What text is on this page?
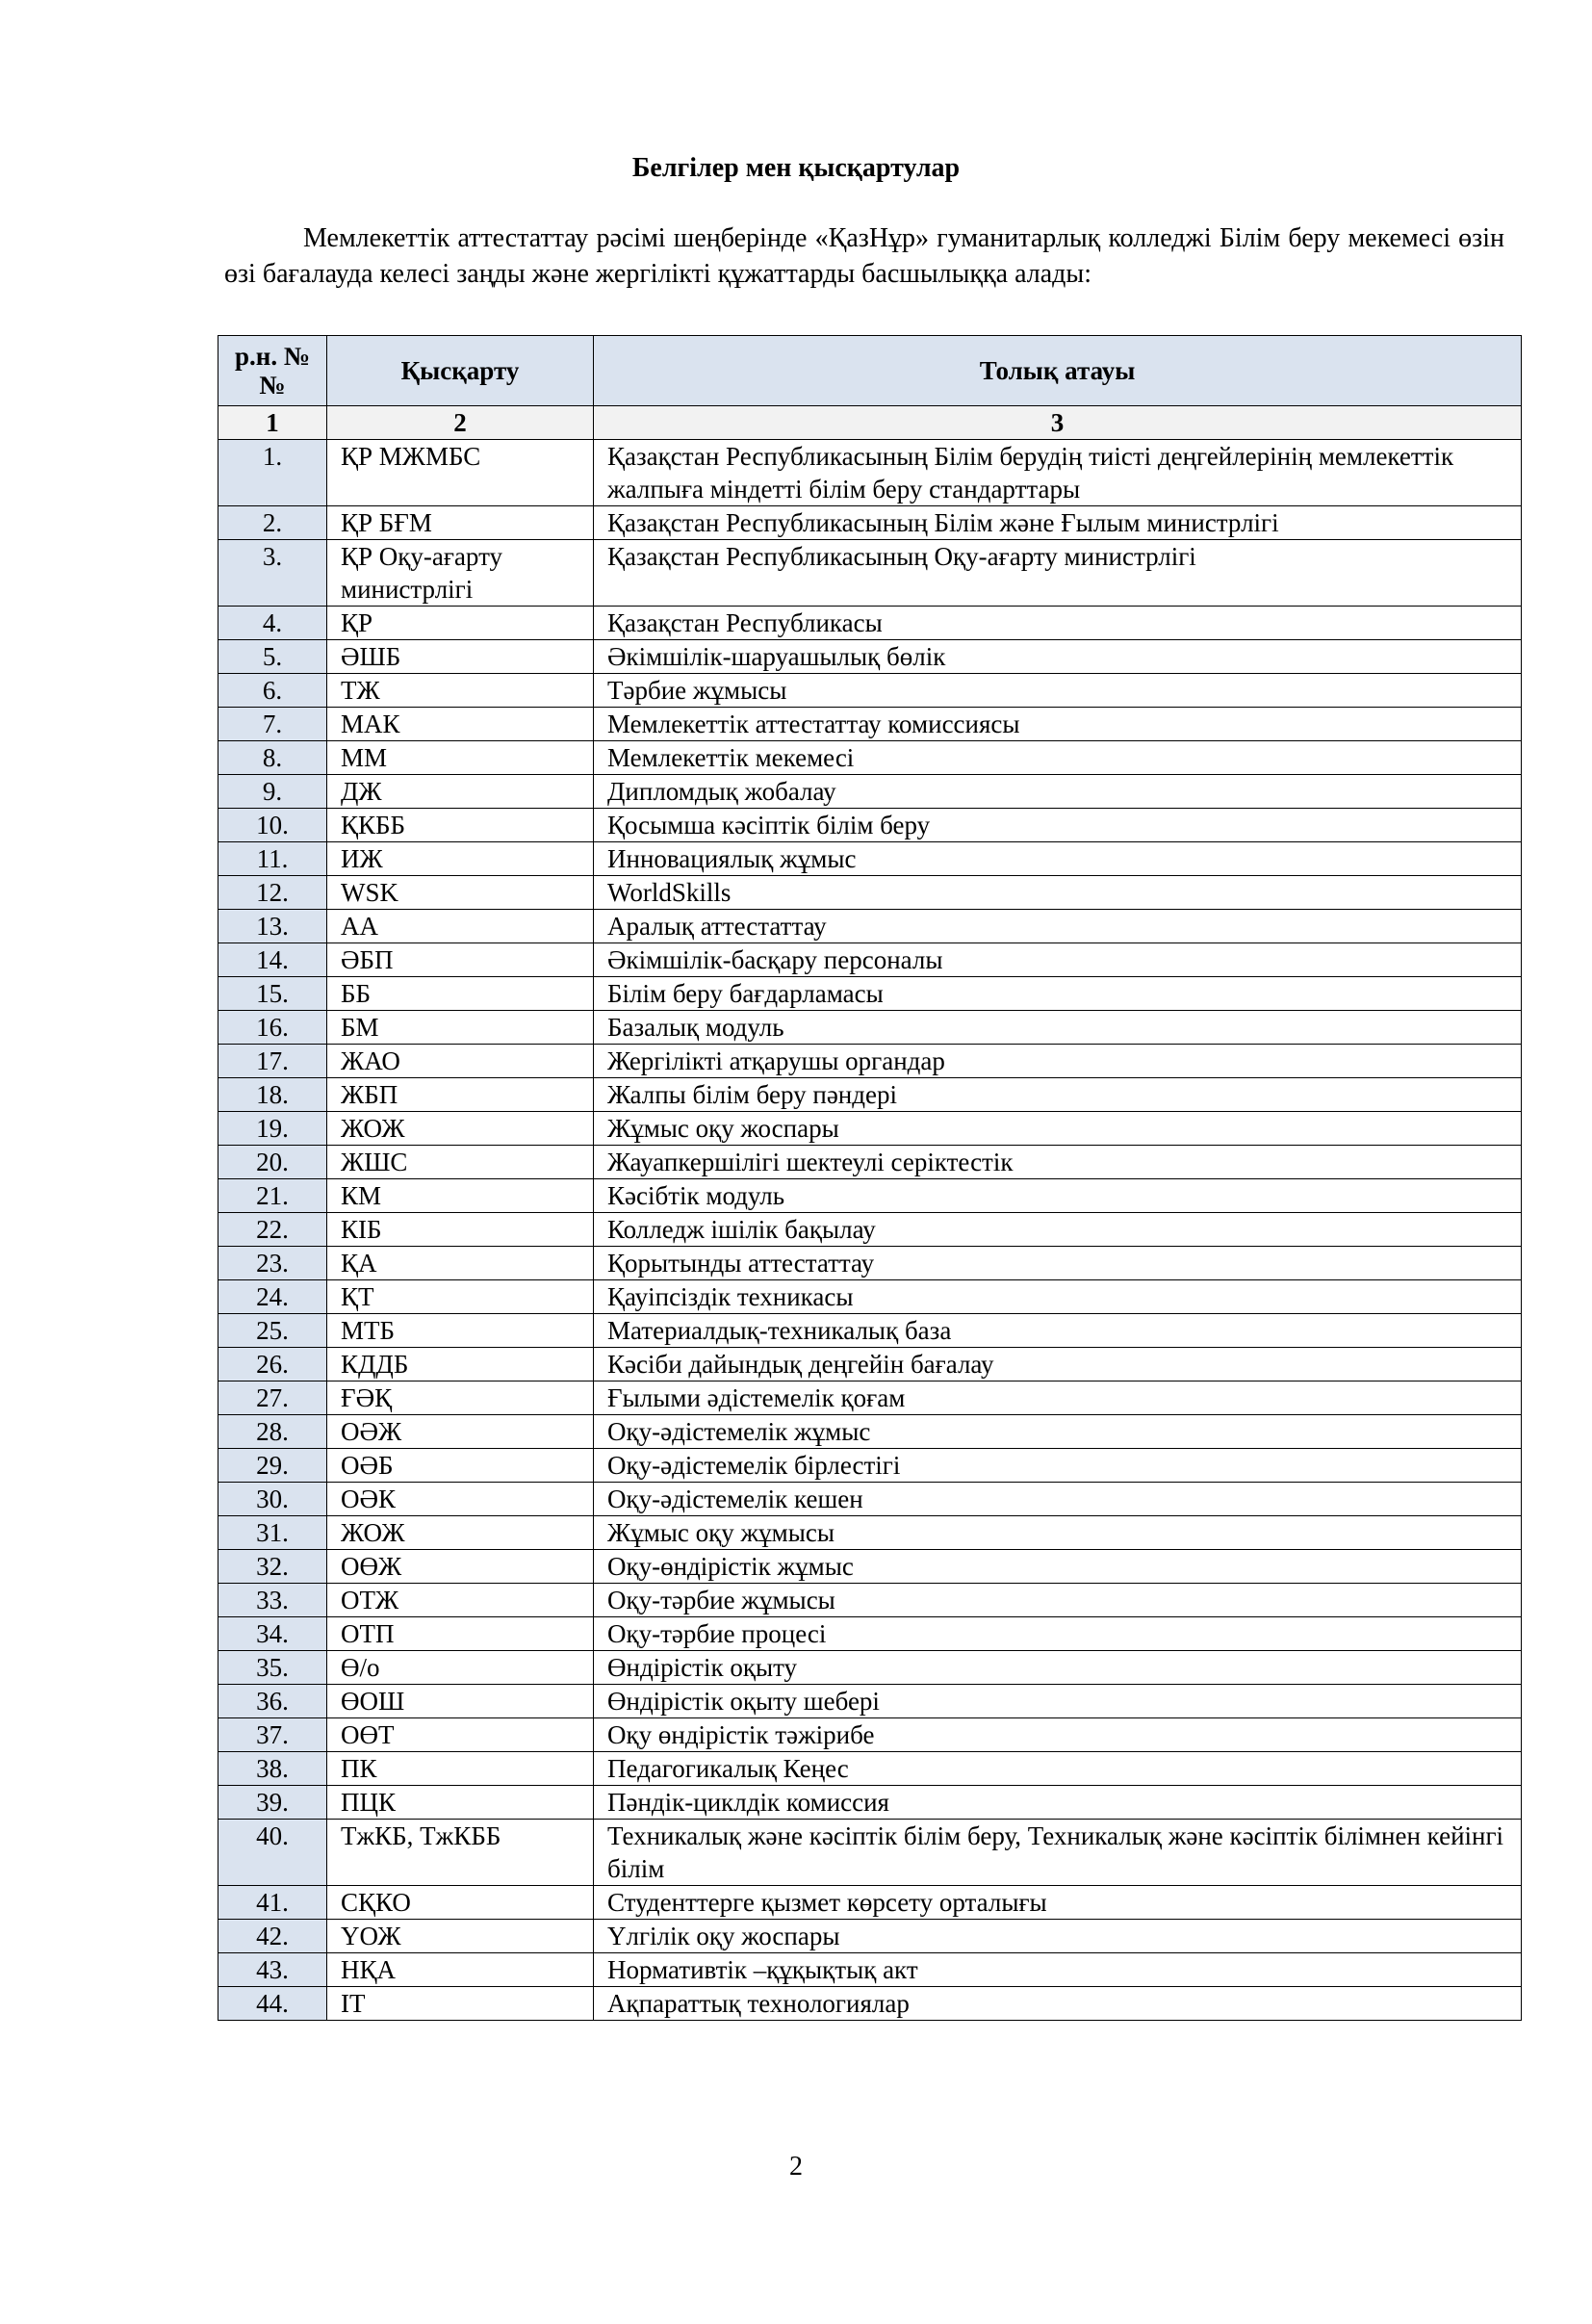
Белгілер мен қысқартулар
Мемлекеттік аттестаттау рәсімі шеңберінде «ҚазНұр» гуманитарлық колледжі Білім беру мекемесі өзін өзі бағалауда келесі заңды және жергілікті құжаттарды басшылыққа алады:
р.н. №№	Қысқарту	Толық атауы
1	2	3
1.	ҚР МЖМБС	Қазақстан Республикасының Білім берудің тиісті деңгейлерінің мемлекеттік жалпыға міндетті білім беру стандарттары
2.	ҚР БҒМ	Қазақстан Республикасының Білім және Ғылым министрлігі
3.	ҚР Оқу-ағарту министрлігі	Қазақстан Республикасының Оқу-ағарту министрлігі
4.	ҚР	Қазақстан Республикасы
5.	ӘШБ	Әкімшілік-шаруашылық бөлік
6.	ТЖ	Тәрбие жұмысы
7.	МАК	Мемлекеттік аттестаттау комиссиясы
8.	ММ	Мемлекеттік мекемесі
9.	ДЖ	Дипломдық жобалау
10.	ҚКББ	Қосымша кәсіптік білім беру
11.	ИЖ	Инновациялық жұмыс
12.	WSK	WorldSkills
13.	АА	Аралық аттестаттау
14.	ӘБП	Әкімшілік-басқару персоналы
15.	ББ	Білім беру бағдарламасы
16.	БМ	Базалық модуль
17.	ЖАО	Жергілікті атқарушы органдар
18.	ЖБП	Жалпы білім беру пәндері
19.	ЖОЖ	Жұмыс оқу жоспары
20.	ЖШС	Жауапкершілігі шектеулі серіктестік
21.	КМ	Кәсібтік модуль
22.	КІБ	Колледж ішілік бақылау
23.	ҚА	Қорытынды аттестаттау
24.	ҚТ	Қауіпсіздік техникасы
25.	МТБ	Материалдық-техникалық база
26.	КДДБ	Кәсіби дайындық деңгейін бағалау
27.	ҒӘҚ	Ғылыми әдістемелік қоғам
28.	ОӘЖ	Оқу-әдістемелік жұмыс
29.	ОӘБ	Оқу-әдістемелік бірлестігі
30.	ОӘК	Оқу-әдістемелік кешен
31.	ЖОЖ	Жұмыс оқу жұмысы
32.	ОӨЖ	Оқу-өндірістік жұмыс
33.	ОТЖ	Оқу-тәрбие жұмысы
34.	ОТП	Оқу-тәрбие процесі
35.	Ө/о	Өндірістік оқыту
36.	ӨОШ	Өндірістік оқыту шебері
37.	ОӨТ	Оқу өндірістік тәжірибе
38.	ПК	Педагогикалық Кеңес
39.	ПЦК	Пәндік-циклдік комиссия
40.	ТжКБ, ТжКББ	Техникалық және кәсіптік білім беру, Техникалық және кәсіптік білімнен кейінгі білім
41.	СҚКО	Студенттерге қызмет көрсету орталығы
42.	ҮОЖ	Үлгілік оқу жоспары
43.	НҚА	Нормативтік –құқықтық акт
44.	IT	Ақпараттық технологиялар
2
